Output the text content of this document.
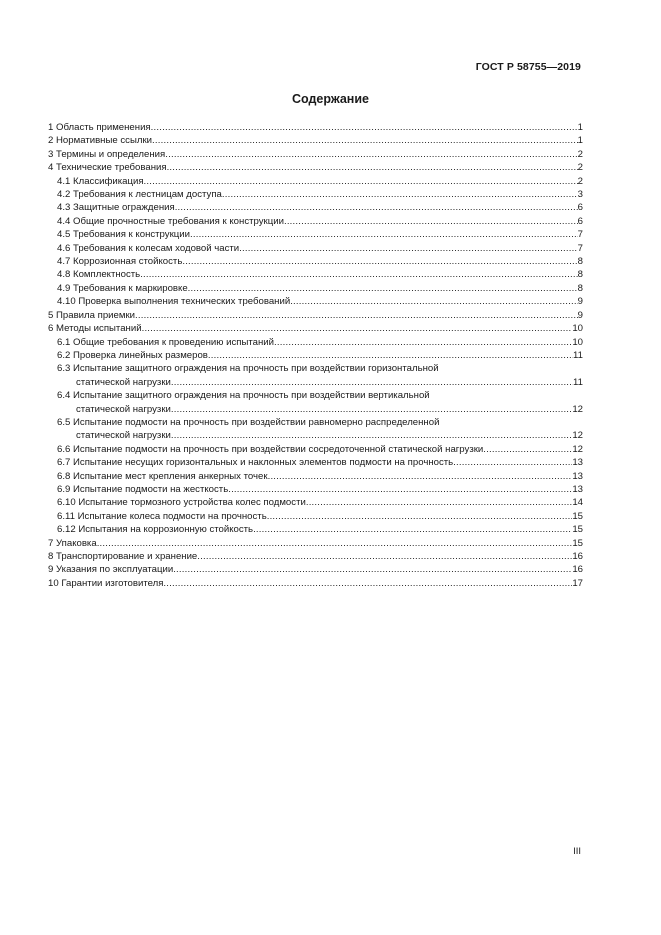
ГОСТ Р 58755—2019
Содержание
1 Область применения .....	1
2 Нормативные ссылки .....	1
3 Термины и определения .....	2
4 Технические требования .....	2
4.1 Классификация .....	2
4.2 Требования к лестницам доступа .....	3
4.3 Защитные ограждения .....	6
4.4 Общие прочностные требования к конструкции .....	6
4.5 Требования к конструкции .....	7
4.6 Требования к колесам ходовой части .....	7
4.7 Коррозионная стойкость .....	8
4.8 Комплектность .....	8
4.9 Требования к маркировке .....	8
4.10 Проверка выполнения технических требований .....	9
5 Правила приемки .....	9
6 Методы испытаний .....	10
6.1 Общие требования к проведению испытаний .....	10
6.2 Проверка линейных размеров .....	11
6.3 Испытание защитного ограждения на прочность при воздействии горизонтальной
статической нагрузки .....	11
6.4 Испытание защитного ограждения на прочность при воздействии вертикальной
статической нагрузки .....	12
6.5 Испытание подмости на прочность при воздействии равномерно распределенной
статической нагрузки .....	12
6.6 Испытание подмости на прочность при воздействии сосредоточенной статической нагрузки .....	12
6.7 Испытание несущих горизонтальных и наклонных элементов подмости на прочность .....	13
6.8 Испытание мест крепления анкерных точек .....	13
6.9 Испытание подмости на жесткость .....	13
6.10 Испытание тормозного устройства колес подмости .....	14
6.11 Испытание колеса подмости на прочность .....	15
6.12 Испытания на коррозионную стойкость .....	15
7 Упаковка .....	15
8 Транспортирование и хранение .....	16
9 Указания по эксплуатации .....	16
10 Гарантии изготовителя .....	17
III
